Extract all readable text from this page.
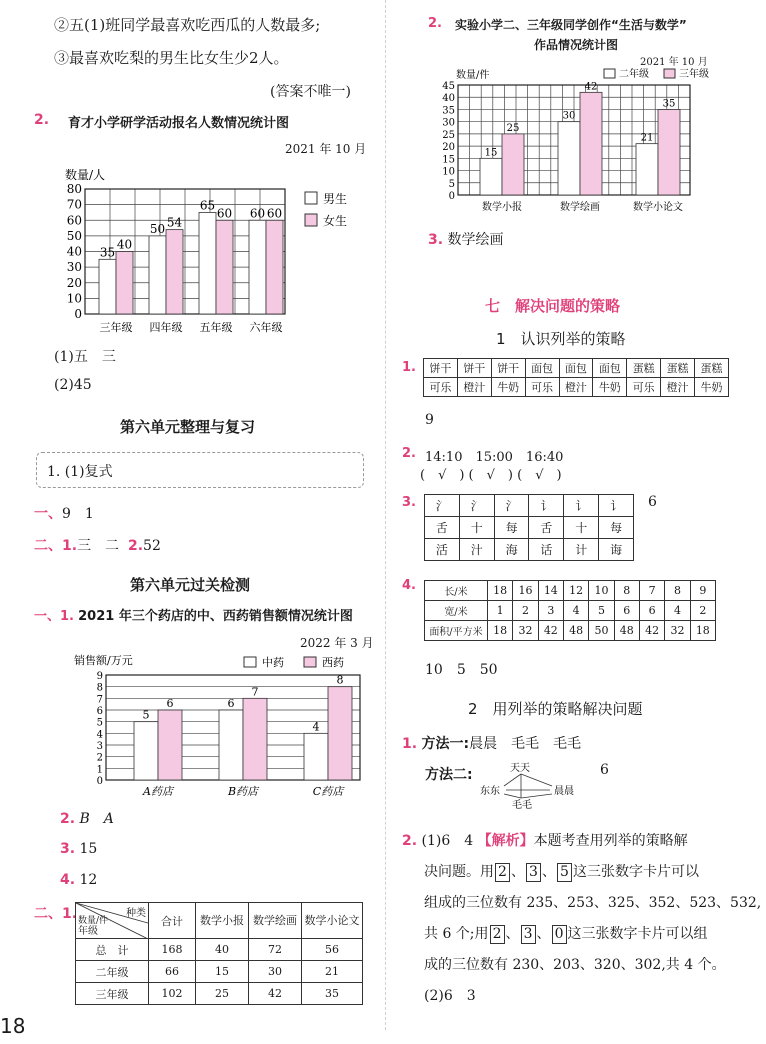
②五(1)班同学最喜欢吃西瓜的人数最多;
③最喜欢吃梨的男生比女生少2人。
(答案不唯一)
2. 育才小学研学活动报名人数情况统计图
2021 年 10 月
数量/人
0
10
20
30
40
50
60
70
80
35
40
50 54
65
60 60 60
三年级 四年级 五年级 六年级
男生
女生
(1)五　三
(2)45
第六单元整理与复习
1. (1)复式
一、9　1
二、1.三　二 2.52
第六单元过关检测
一、1. 2021 年三个药店的中、西药销售额情况统计图
2022 年 3 月
销售额/万元	中药	西药
0
1
2
3
4
5
6
7
8
9
5
6	6
7
4
8
A药店	B药店	C药店
2. B　A
3. 15
4. 12
二、1.	种类
数量/件
年级	合计	数学小报	数学绘画	数学小论文
总　计	168	40	72	56
二年级	66	15	30	21
三年级	102	25	42	35
18
2. 实验小学二、三年级同学创作“生活与数学”
作品情况统计图
2021 年 10 月
数量/件	二年级	三年级
0
5
10
15
20
25
30
35
40
45
15
25
30
42
21
35
数学小报	数学绘画	数学小论文
3. 数学绘画
七　解决问题的策略
1　认识列举的策略
1. 饼干	饼干	饼干	面包	面包	面包	蛋糕	蛋糕	蛋糕
可乐	橙汁	牛奶	可乐	橙汁	牛奶	可乐	橙汁	牛奶
9
2. 14:10　15:00　16:40
(　√　) (　√　) (　√　)
3. 氵	氵	氵	讠	讠	讠
舌	十	每	舌	十	每
活	汁	海	话	计	诲
6
4.	长/米	18	16	14	12	10	8	7	8	9
宽/米	1	2	3	4	5	6	6	4	2
面积/平方米	18	32	42	48	50	48	42	32	18
10　5　50
2　用列举的策略解决问题
1. 方法一:晨晨　毛毛　毛毛
方法二:	天天
东东	晨晨
毛毛
6
2. (1)6　4 【解析】本题考查用列举的策略解
决问题。用 2 、 3 、 5 这三张数字卡片可以
组成的三位数有 235、253、325、352、523、532,
共 6 个;用 2 、 3 、 0 这三张数字卡片可以组
成的三位数有 230、203、320、302,共 4 个。
(2)6　3
